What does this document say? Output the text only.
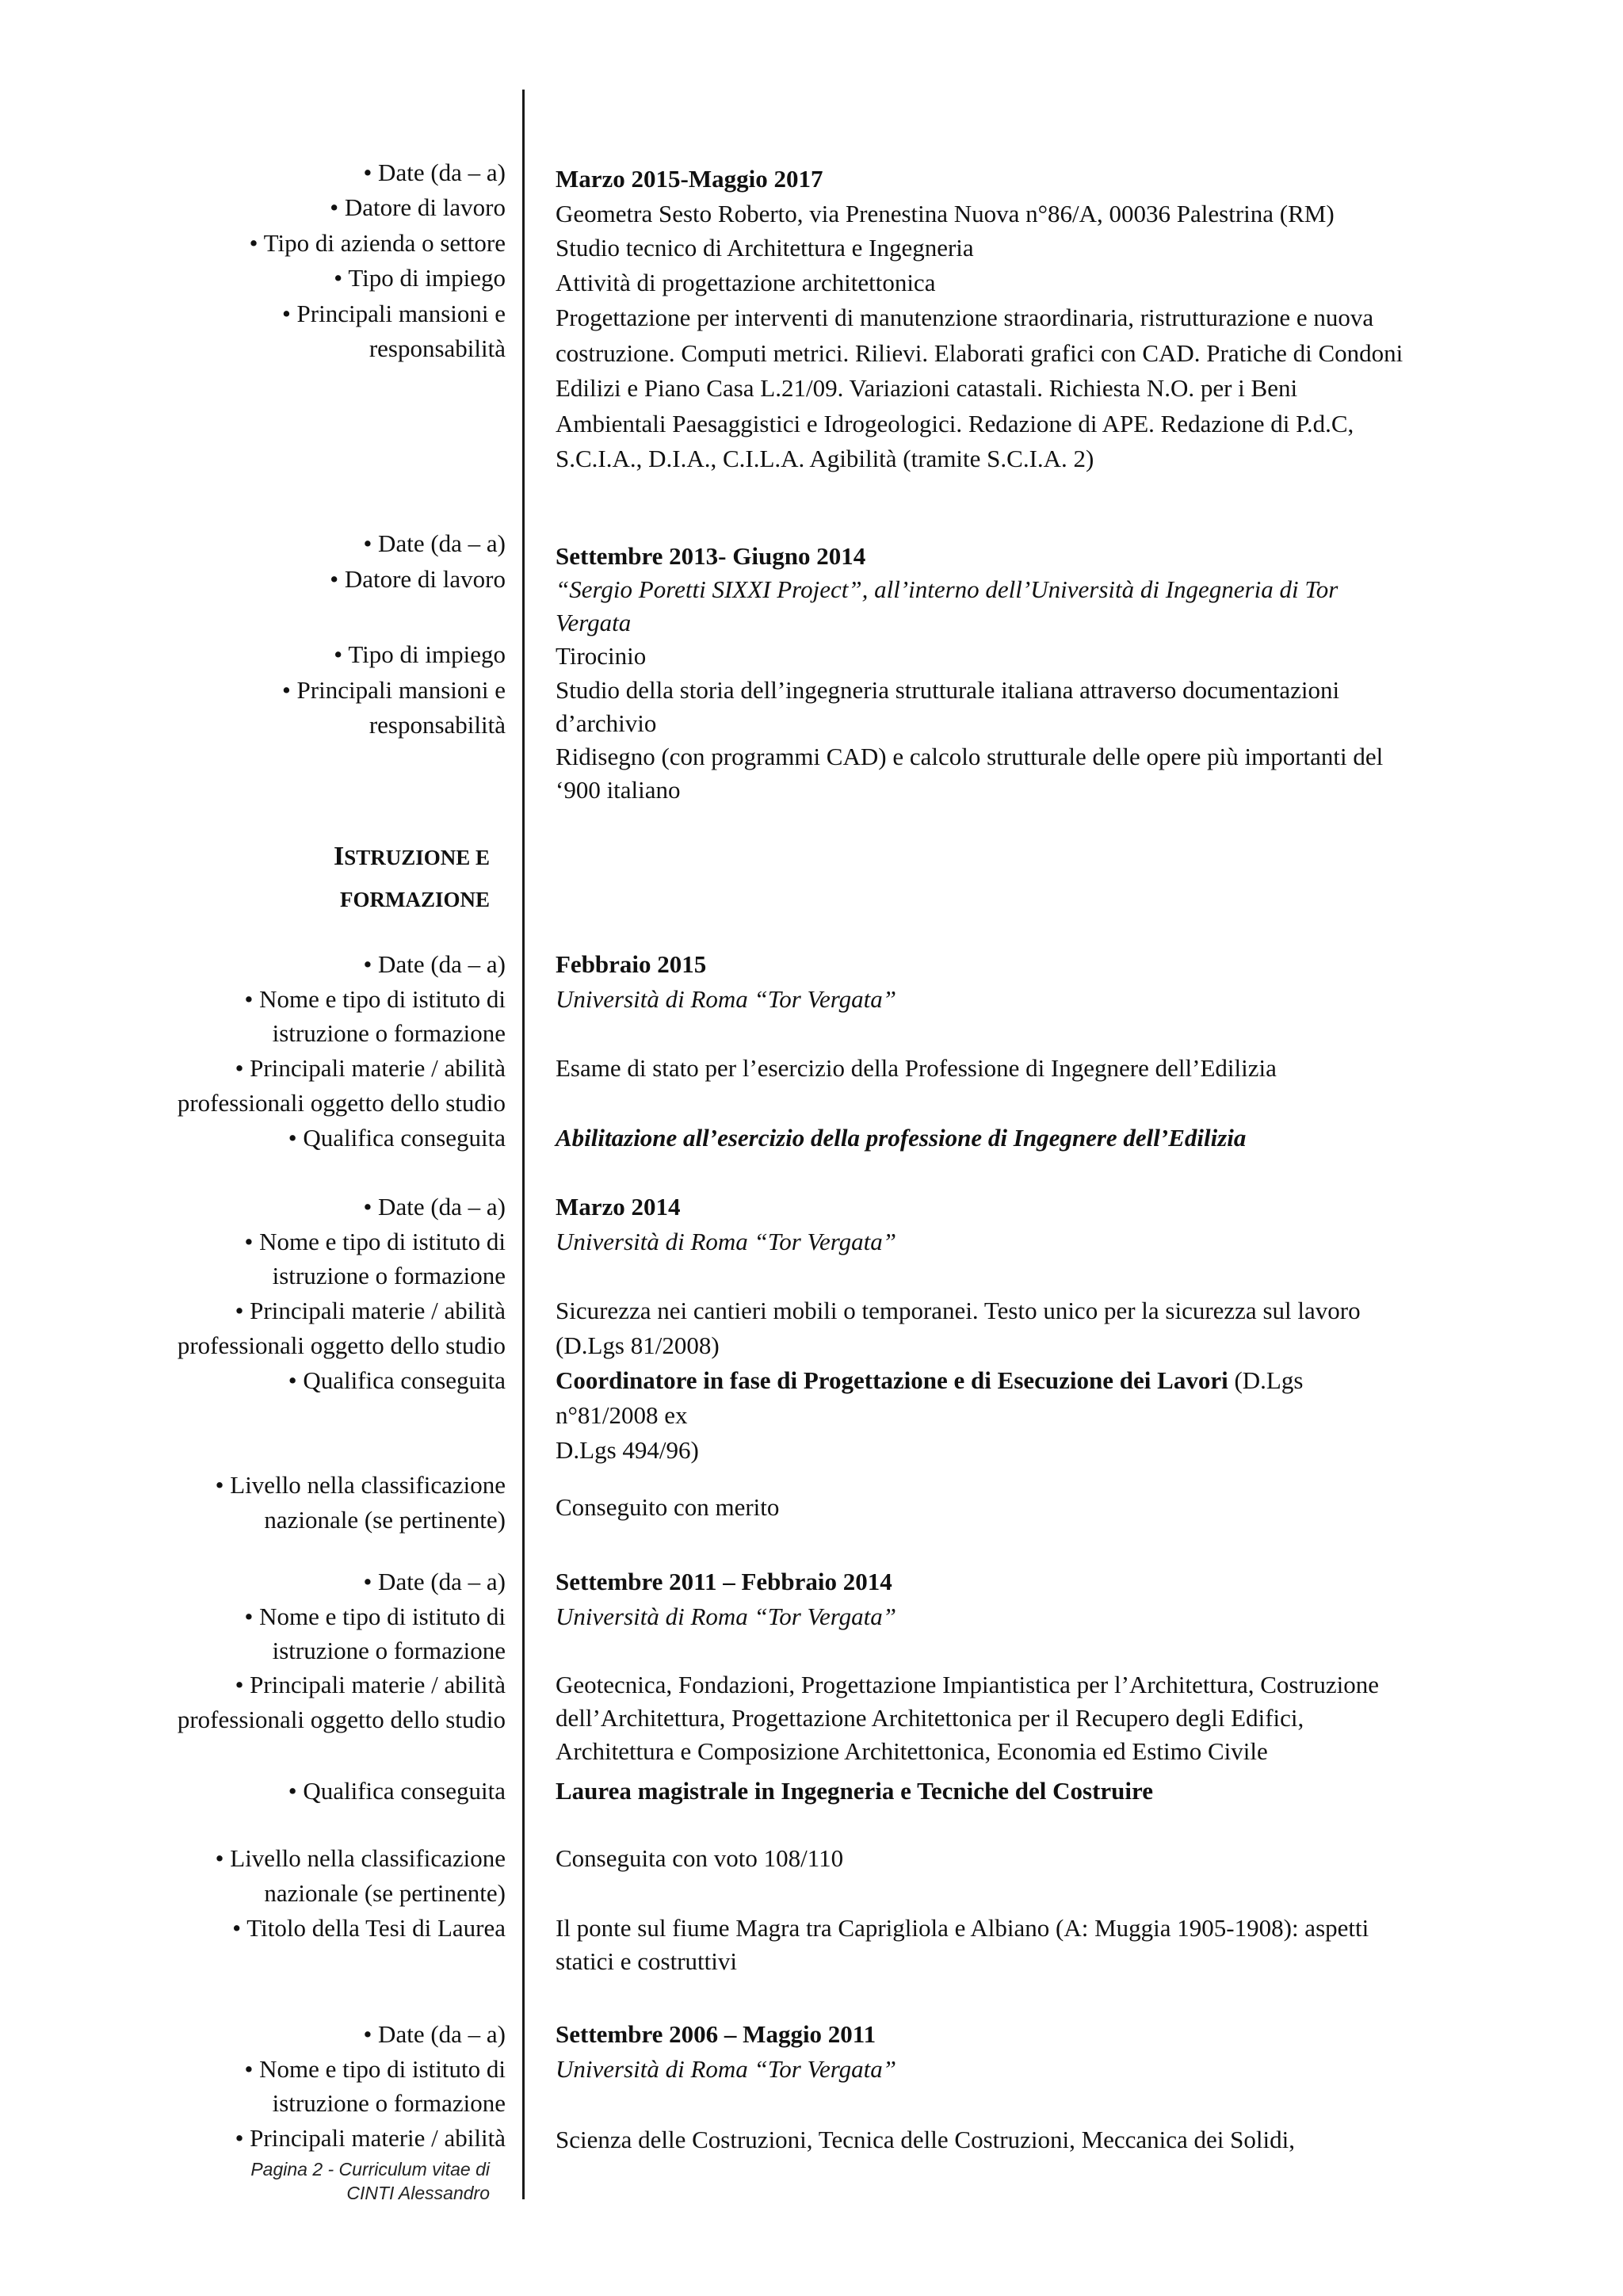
• Date (da – a)
• Datore di lavoro
• Tipo di azienda o settore
• Tipo di impiego
• Principali mansioni e
responsabilità
Marzo 2015-Maggio 2017
Geometra Sesto Roberto, via Prenestina Nuova n°86/A, 00036 Palestrina (RM)
Studio tecnico di Architettura e Ingegneria
Attività di progettazione architettonica
Progettazione per interventi di manutenzione straordinaria, ristrutturazione e nuova
costruzione. Computi metrici. Rilievi. Elaborati grafici con CAD. Pratiche di Condoni
Edilizi e Piano Casa L.21/09. Variazioni catastali. Richiesta N.O. per i Beni
Ambientali Paesaggistici e Idrogeologici. Redazione di APE. Redazione di P.d.C,
S.C.I.A., D.I.A., C.I.L.A. Agibilità (tramite S.C.I.A. 2)
• Date (da – a)
• Datore di lavoro
• Tipo di impiego
• Principali mansioni e
responsabilità
Settembre 2013- Giugno 2014
“Sergio Poretti SIXXI Project”, all’interno dell’Università di Ingegneria di Tor
Vergata
Tirocinio
Studio della storia dell’ingegneria strutturale italiana attraverso documentazioni
d’archivio
Ridisegno (con programmi CAD) e calcolo strutturale delle opere più importanti del
‘900 italiano
ISTRUZIONE E
FORMAZIONE
• Date (da – a)
• Nome e tipo di istituto di
istruzione o formazione
• Principali materie / abilità
professionali oggetto dello studio
• Qualifica conseguita
Febbraio 2015
Università di Roma “Tor Vergata”
Esame di stato per l’esercizio della Professione di Ingegnere dell’Edilizia
Abilitazione all’esercizio della professione di Ingegnere dell’Edilizia
• Date (da – a)
• Nome e tipo di istituto di
istruzione o formazione
• Principali materie / abilità
professionali oggetto dello studio
• Qualifica conseguita
• Livello nella classificazione
nazionale (se pertinente)
Marzo 2014
Università di Roma “Tor Vergata”
Sicurezza nei cantieri mobili o temporanei. Testo unico per la sicurezza sul lavoro
(D.Lgs 81/2008)
Coordinatore in fase di Progettazione e di Esecuzione dei Lavori (D.Lgs
n°81/2008 ex
D.Lgs 494/96)
Conseguito con merito
• Date (da – a)
• Nome e tipo di istituto di
istruzione o formazione
• Principali materie / abilità
professionali oggetto dello studio
• Qualifica conseguita
• Livello nella classificazione
nazionale (se pertinente)
• Titolo della Tesi di Laurea
Settembre 2011 – Febbraio 2014
Università di Roma “Tor Vergata”
Geotecnica, Fondazioni, Progettazione Impiantistica per l’Architettura, Costruzione
dell’Architettura, Progettazione Architettonica per il Recupero degli Edifici,
Architettura e Composizione Architettonica, Economia ed Estimo Civile
Laurea magistrale in Ingegneria e Tecniche del Costruire
Conseguita con voto 108/110
Il ponte sul fiume Magra tra Caprigliola e Albiano (A: Muggia 1905-1908): aspetti
statici e costruttivi
• Date (da – a)
• Nome e tipo di istituto di
istruzione o formazione
• Principali materie / abilità
Settembre 2006 – Maggio 2011
Università di Roma “Tor Vergata”
Scienza delle Costruzioni, Tecnica delle Costruzioni, Meccanica dei Solidi,
Pagina 2 - Curriculum vitae di
CINTI Alessandro
